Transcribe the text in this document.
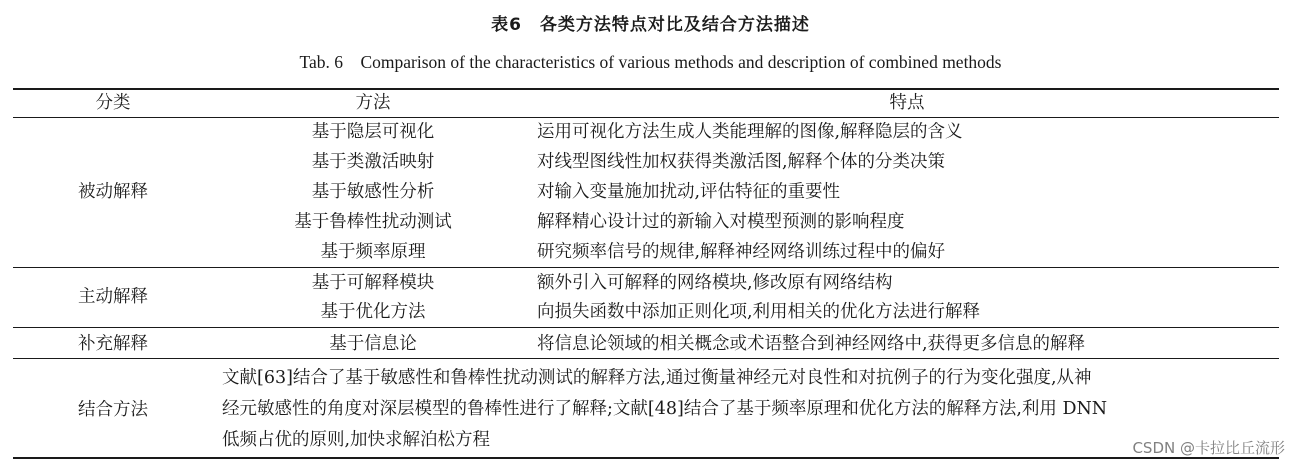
表6　各类方法特点对比及结合方法描述
Tab. 6　Comparison of the characteristics of various methods and description of combined methods
分类	方法	特点
被动解释
基于隐层可视化	运用可视化方法生成人类能理解的图像,解释隐层的含义
基于类激活映射	对线型图线性加权获得类激活图,解释个体的分类决策
基于敏感性分析	对输入变量施加扰动,评估特征的重要性
基于鲁棒性扰动测试	解释精心设计过的新输入对模型预测的影响程度
基于频率原理	研究频率信号的规律,解释神经网络训练过程中的偏好
主动解释
基于可解释模块	额外引入可解释的网络模块,修改原有网络结构
基于优化方法	向损失函数中添加正则化项,利用相关的优化方法进行解释
补充解释	基于信息论	将信息论领域的相关概念或术语整合到神经网络中,获得更多信息的解释
结合方法
文献[63]结合了基于敏感性和鲁棒性扰动测试的解释方法,通过衡量神经元对良性和对抗例子的行为变化强度,从神
经元敏感性的角度对深层模型的鲁棒性进行了解释;文献[48]结合了基于频率原理和优化方法的解释方法,利用 DNN
低频占优的原则,加快求解泊松方程	CSDN @卡拉比丘流形
